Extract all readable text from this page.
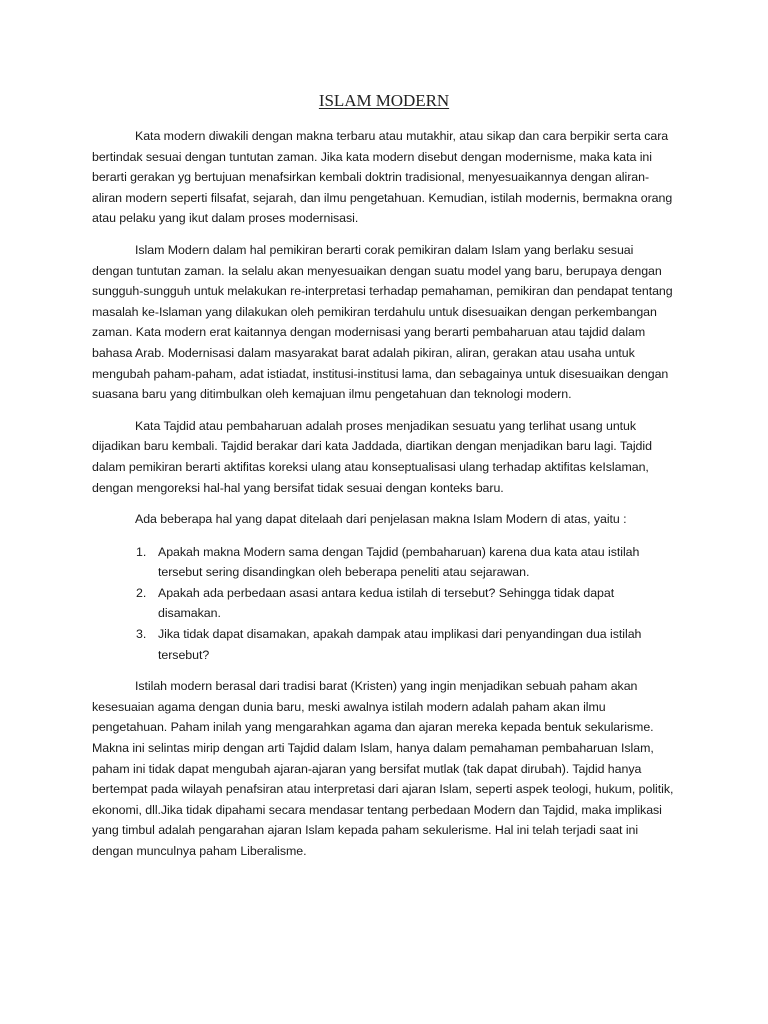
ISLAM MODERN

Kata modern diwakili dengan makna terbaru atau mutakhir, atau sikap dan cara berpikir serta cara bertindak sesuai dengan tuntutan zaman. Jika kata modern disebut dengan modernisme, maka kata ini berarti gerakan yg bertujuan menafsirkan kembali doktrin tradisional, menyesuaikannya dengan aliran-aliran modern seperti filsafat, sejarah, dan ilmu pengetahuan. Kemudian, istilah modernis, bermakna orang atau pelaku yang ikut dalam proses modernisasi.

Islam Modern dalam hal pemikiran berarti corak pemikiran dalam Islam yang berlaku sesuai dengan tuntutan zaman. Ia selalu akan menyesuaikan dengan suatu model yang baru, berupaya dengan sungguh-sungguh untuk melakukan re-interpretasi terhadap pemahaman, pemikiran dan pendapat tentang masalah ke-Islaman yang dilakukan oleh pemikiran terdahulu untuk disesuaikan dengan perkembangan zaman. Kata modern erat kaitannya dengan modernisasi yang berarti pembaharuan atau tajdid dalam bahasa Arab. Modernisasi dalam masyarakat barat adalah pikiran, aliran, gerakan atau usaha untuk mengubah paham-paham, adat istiadat, institusi-institusi lama, dan sebagainya untuk disesuaikan dengan suasana baru yang ditimbulkan oleh kemajuan ilmu pengetahuan dan teknologi modern.

Kata Tajdid atau pembaharuan adalah proses menjadikan sesuatu yang terlihat usang untuk dijadikan baru kembali. Tajdid berakar dari kata Jaddada, diartikan dengan menjadikan baru lagi. Tajdid dalam pemikiran berarti aktifitas koreksi ulang atau konseptualisasi ulang terhadap aktifitas keIslaman, dengan mengoreksi hal-hal yang bersifat tidak sesuai dengan konteks baru.

Ada beberapa hal yang dapat ditelaah dari penjelasan makna Islam Modern di atas, yaitu :

1. Apakah makna Modern sama dengan Tajdid (pembaharuan) karena dua kata atau istilah tersebut sering disandingkan oleh beberapa peneliti atau sejarawan.
2. Apakah ada perbedaan asasi antara kedua istilah di tersebut? Sehingga tidak dapat disamakan.
3. Jika tidak dapat disamakan, apakah dampak atau implikasi dari penyandingan dua istilah tersebut?

Istilah modern berasal dari tradisi barat (Kristen) yang ingin menjadikan sebuah paham akan kesesuaian agama dengan dunia baru, meski awalnya istilah modern adalah paham akan ilmu pengetahuan. Paham inilah yang mengarahkan agama dan ajaran mereka kepada bentuk sekularisme. Makna ini selintas mirip dengan arti Tajdid dalam Islam, hanya dalam pemahaman pembaharuan Islam, paham ini tidak dapat mengubah ajaran-ajaran yang bersifat mutlak (tak dapat dirubah). Tajdid hanya bertempat pada wilayah penafsiran atau interpretasi dari ajaran Islam, seperti aspek teologi, hukum, politik, ekonomi, dll.Jika tidak dipahami secara mendasar tentang perbedaan Modern dan Tajdid, maka implikasi yang timbul adalah pengarahan ajaran Islam kepada paham sekulerisme. Hal ini telah terjadi saat ini dengan munculnya paham Liberalisme.
